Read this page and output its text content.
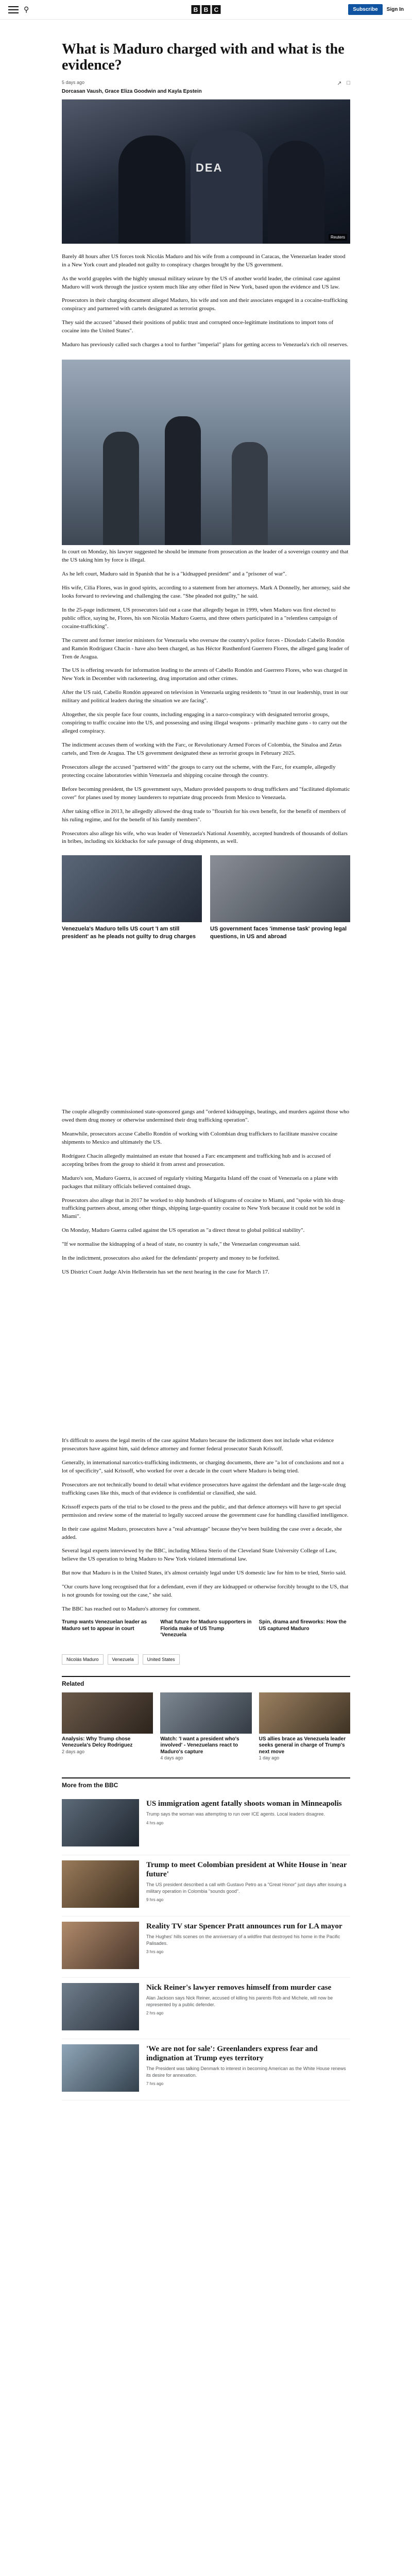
⚲	B B C	Subscribe	Sign In
What is Maduro charged with and what is the evidence?
5 days ago	↗ □
Dorcasan Vaush, Grace Eliza Goodwin and Kayla Epstein
DEA
Reuters

Barely 48 hours after US forces took Nicolás Maduro and his wife from a compound in Caracas, the Venezuelan leader stood in a New York court and pleaded not guilty to conspiracy charges brought by the US government.

As the world grapples with the highly unusual military seizure by the US of another world leader, the criminal case against Maduro will work through the justice system much like any other filed in New York, based upon the evidence and US law.

Prosecutors in their charging document alleged Maduro, his wife and son and their associates engaged in a cocaine-trafficking conspiracy and partnered with cartels designated as terrorist groups.

They said the accused "abused their positions of public trust and corrupted once-legitimate institutions to import tons of cocaine into the United States".

Maduro has previously called such charges a tool to further "imperial" plans for getting access to Venezuela's rich oil reserves.

In court on Monday, his lawyer suggested he should be immune from prosecution as the leader of a sovereign country and that the US taking him by force is illegal.

As he left court, Maduro said in Spanish that he is a "kidnapped president" and a "prisoner of war".

His wife, Cilia Flores, was in good spirits, according to a statement from her attorneys. Mark A Donnelly, her attorney, said she looks forward to reviewing and challenging the case. "She pleaded not guilty," he said.

In the 25-page indictment, US prosecutors laid out a case that allegedly began in 1999, when Maduro was first elected to public office, saying he, Flores, his son Nicolás Maduro Guerra, and three others participated in a "relentless campaign of cocaine-trafficking".

The current and former interior ministers for Venezuela who oversaw the country's police forces - Diosdado Cabello Rondón and Ramón Rodríguez Chacín - have also been charged, as has Héctor Rusthenford Guerrero Flores, the alleged gang leader of Tren de Aragua.

The US is offering rewards for information leading to the arrests of Cabello Rondón and Guerrero Flores, who was charged in New York in December with racketeering, drug importation and other crimes.

After the US raid, Cabello Rondón appeared on television in Venezuela urging residents to "trust in our leadership, trust in our military and political leaders during the situation we are facing".

Altogether, the six people face four counts, including engaging in a narco-conspiracy with designated terrorist groups, conspiring to traffic cocaine into the US, and possessing and using illegal weapons - primarily machine guns - to carry out the alleged conspiracy.

The indictment accuses them of working with the Farc, or Revolutionary Armed Forces of Colombia, the Sinaloa and Zetas cartels, and Tren de Aragua. The US government designated these as terrorist groups in February 2025.

Prosecutors allege the accused "partnered with" the groups to carry out the scheme, with the Farc, for example, allegedly protecting cocaine laboratories within Venezuela and shipping cocaine through the country.

Before becoming president, the US government says, Maduro provided passports to drug traffickers and "facilitated diplomatic cover" for planes used by money launderers to repatriate drug proceeds from Mexico to Venezuela.

After taking office in 2013, he allegedly allowed the drug trade to "flourish for his own benefit, for the benefit of members of his ruling regime, and for the benefit of his family members".

Prosecutors also allege his wife, who was leader of Venezuela's National Assembly, accepted hundreds of thousands of dollars in bribes, including six kickbacks for safe passage of drug shipments, as well.

Venezuela's Maduro tells US court 'I am still president' as he pleads not guilty to drug charges
US government faces 'immense task' proving legal questions, in US and abroad

The couple allegedly commissioned state-sponsored gangs and "ordered kidnappings, beatings, and murders against those who owed them drug money or otherwise undermined their drug trafficking operation".

Meanwhile, prosecutors accuse Cabello Rondón of working with Colombian drug traffickers to facilitate massive cocaine shipments to Mexico and ultimately the US.

Rodríguez Chacín allegedly maintained an estate that housed a Farc encampment and trafficking hub and is accused of accepting bribes from the group to shield it from arrest and prosecution.

Maduro's son, Maduro Guerra, is accused of regularly visiting Margarita Island off the coast of Venezuela on a plane with packages that military officials believed contained drugs.

Prosecutors also allege that in 2017 he worked to ship hundreds of kilograms of cocaine to Miami, and "spoke with his drug-trafficking partners about, among other things, shipping large-quantity cocaine to New York because it could not be sold in Miami".

On Monday, Maduro Guerra called against the US operation as "a direct threat to global political stability".

"If we normalise the kidnapping of a head of state, no country is safe," the Venezuelan congressman said.

In the indictment, prosecutors also asked for the defendants' property and money to be forfeited.

US District Court Judge Alvin Hellerstein has set the next hearing in the case for March 17.

It's difficult to assess the legal merits of the case against Maduro because the indictment does not include what evidence prosecutors have against him, said defence attorney and former federal prosecutor Sarah Krissoff.

Generally, in international narcotics-trafficking indictments, or charging documents, there are "a lot of conclusions and not a lot of specificity", said Krissoff, who worked for over a decade in the court where Maduro is being tried.

Prosecutors are not technically bound to detail what evidence prosecutors have against the defendant and the large-scale drug trafficking cases like this, much of that evidence is confidential or classified, she said.

Krissoff expects parts of the trial to be closed to the press and the public, and that defence attorneys will have to get special permission and review some of the material to legally succeed arouse the government case for handling classified intelligence.

In their case against Maduro, prosecutors have a "real advantage" because they've been building the case over a decade, she added.

Several legal experts interviewed by the BBC, including Milena Sterio of the Cleveland State University College of Law, believe the US operation to bring Maduro to New York violated international law.

But now that Maduro is in the United States, it's almost certainly legal under US domestic law for him to be tried, Sterio said.

"Our courts have long recognised that for a defendant, even if they are kidnapped or otherwise forcibly brought to the US, that is not grounds for tossing out the case," she said.

The BBC has reached out to Maduro's attorney for comment.

Trump wants Venezuelan leader as Maduro set to appear in court
What future for Maduro supporters in Florida make of US Trump 'Venezuela
Spin, drama and fireworks: How the US captured Maduro
Nicolás Maduro	Venezuela	United States
Related
Analysis: Why Trump chose Venezuela's Delcy Rodriguez
2 days ago
Watch: 'I want a president who's involved' - Venezuelans react to Maduro's capture
4 days ago
US allies brace as Venezuela leader seeks general in charge of Trump's next move
1 day ago
More from the BBC
US immigration agent fatally shoots woman in Minneapolis
Trump says the woman was attempting to run over ICE agents. Local leaders disagree.
4 hrs ago
Trump to meet Colombian president at White House in 'near future'
The US president described a call with Gustavo Petro as a "Great Honor" just days after issuing a military operation in Colombia "sounds good".
9 hrs ago
Reality TV star Spencer Pratt announces run for LA mayor
The Hughes' hills scenes on the anniversary of a wildfire that destroyed his home in the Pacific Palisades.
3 hrs ago
Nick Reiner's lawyer removes himself from murder case
Alan Jackson says Nick Reiner, accused of killing his parents Rob and Michele, will now be represented by a public defender.
2 hrs ago
'We are not for sale': Greenlanders express fear and indignation at Trump eyes territory
The President was talking Denmark to interest in becoming American as the White House renews its desire for annexation.
7 hrs ago
